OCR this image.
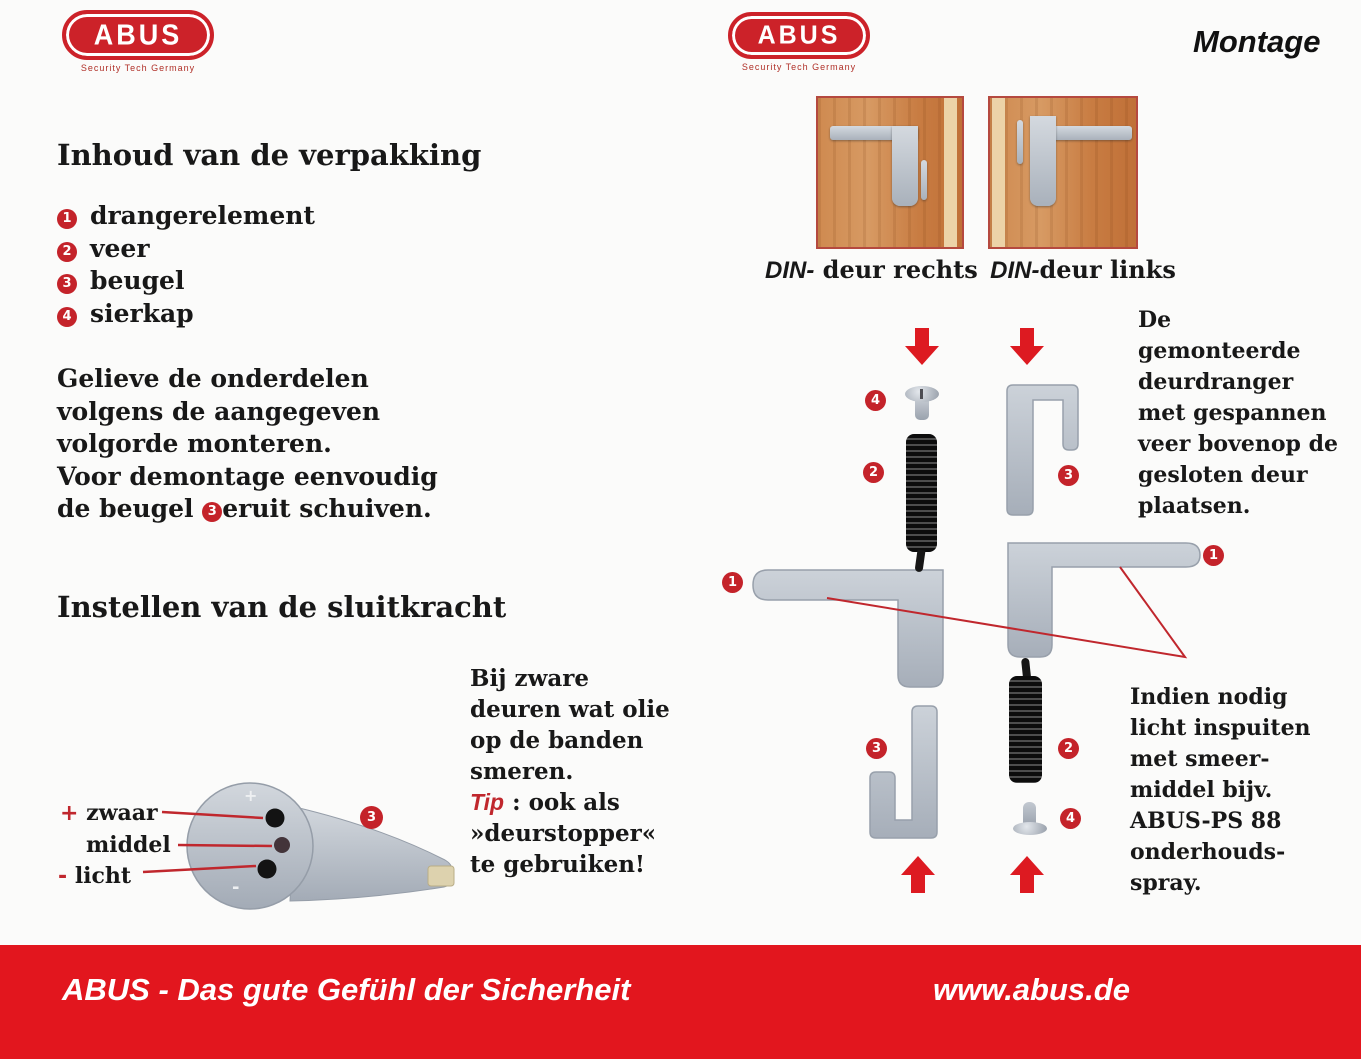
ABUS
Security Tech Germany
ABUS
Security Tech Germany
Montage
Inhoud van de verpakking
1 drangerelement
2 veer
3 beugel
4 sierkap
Gelieve de onderdelen
volgens de aangegeven
volgorde monteren.
Voor demontage eenvoudig
de beugel 3 eruit schuiven.
Instellen van de sluitkracht
+ zwaar
middel
- licht
+
-
3
Bij zware
deuren wat olie
op de banden
smeren.
Tip : ook als
»deurstopper«
te gebruiken!
DIN- deur rechts DIN-deur links
De
gemonteerde
deurdranger
met gespannen
veer bovenop de
gesloten deur
plaatsen.
Indien nodig
licht inspuiten
met smeer-
middel bijv.
ABUS-PS 88
onderhouds-
spray.
4
2	3
1
1
3	2
4
ABUS - Das gute Gefühl der Sicherheit	www.abus.de
